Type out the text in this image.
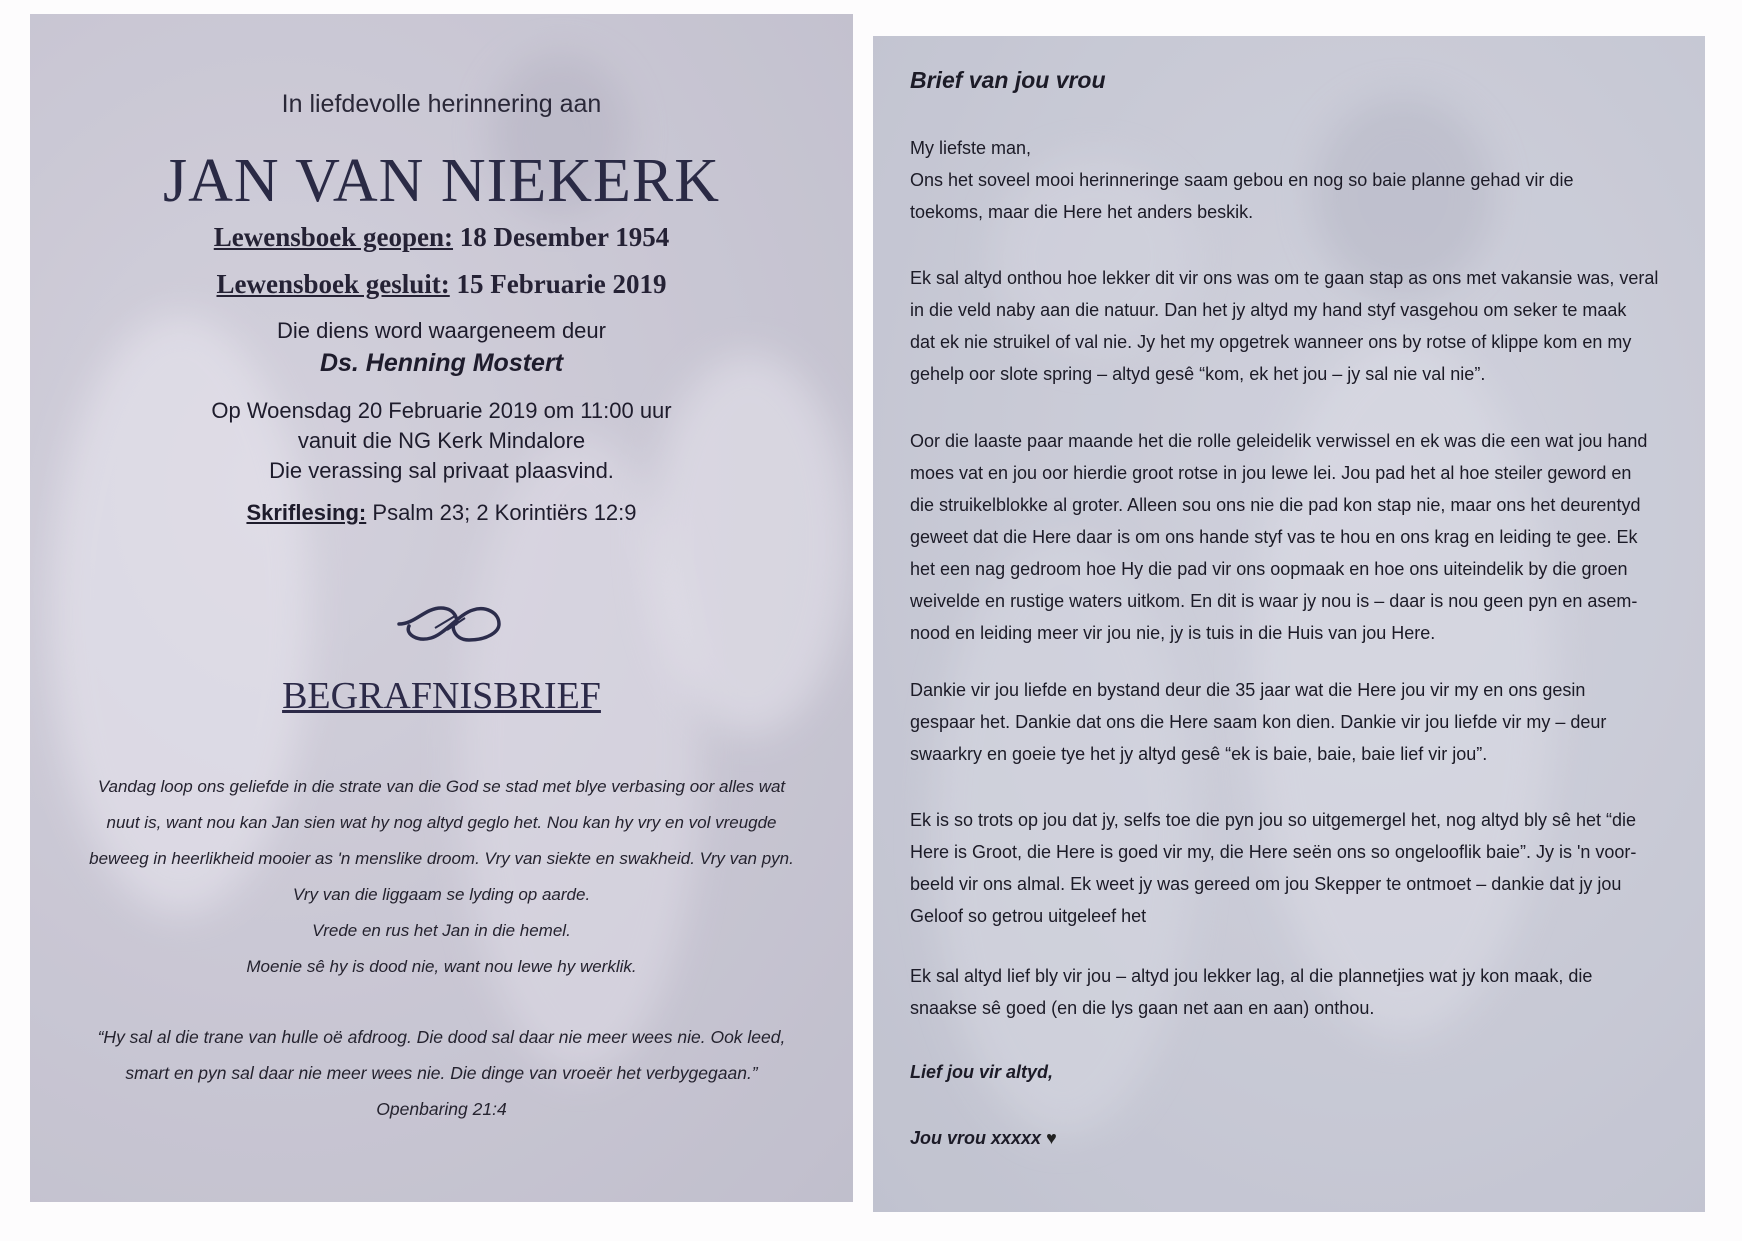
In liefdevolle herinnering aan
JAN VAN NIEKERK
Lewensboek geopen: 18 Desember 1954
Lewensboek gesluit: 15 Februarie 2019
Die diens word waargeneem deur
Ds. Henning Mostert
Op Woensdag 20 Februarie 2019 om 11:00 uur
vanuit die NG Kerk Mindalore
Die verassing sal privaat plaasvind.
Skriflesing: Psalm 23; 2 Korintiërs 12:9
BEGRAFNISBRIEF
Vandag loop ons geliefde in die strate van die God se stad met blye verbasing oor alles wat
nuut is, want nou kan Jan sien wat hy nog altyd geglo het. Nou kan hy vry en vol vreugde
beweeg in heerlikheid mooier as 'n menslike droom. Vry van siekte en swakheid. Vry van pyn.
Vry van die liggaam se lyding op aarde.
Vrede en rus het Jan in die hemel.
Moenie sê hy is dood nie, want nou lewe hy werklik.
“Hy sal al die trane van hulle oë afdroog. Die dood sal daar nie meer wees nie. Ook leed,
smart en pyn sal daar nie meer wees nie. Die dinge van vroeër het verbygegaan.”
Openbaring 21:4
Brief van jou vrou
My liefste man,

Ons het soveel mooi herinneringe saam gebou en nog so baie planne gehad vir die

toekoms, maar die Here het anders beskik.

Ek sal altyd onthou hoe lekker dit vir ons was om te gaan stap as ons met vakansie was, veral

in die veld naby aan die natuur. Dan het jy altyd my hand styf vasgehou om seker te maak

dat ek nie struikel of val nie. Jy het my opgetrek wanneer ons by rotse of klippe kom en my

gehelp oor slote spring – altyd gesê “kom, ek het jou – jy sal nie val nie”.

Oor die laaste paar maande het die rolle geleidelik verwissel en ek was die een wat jou hand

moes vat en jou oor hierdie groot rotse in jou lewe lei. Jou pad het al hoe steiler geword en

die struikelblokke al groter. Alleen sou ons nie die pad kon stap nie, maar ons het deurentyd

geweet dat die Here daar is om ons hande styf vas te hou en ons krag en leiding te gee. Ek

het een nag gedroom hoe Hy die pad vir ons oopmaak en hoe ons uiteindelik by die groen

weivelde en rustige waters uitkom. En dit is waar jy nou is – daar is nou geen pyn en asem-

nood en leiding meer vir jou nie, jy is tuis in die Huis van jou Here.

Dankie vir jou liefde en bystand deur die 35 jaar wat die Here jou vir my en ons gesin

gespaar het. Dankie dat ons die Here saam kon dien. Dankie vir jou liefde vir my – deur

swaarkry en goeie tye het jy altyd gesê “ek is baie, baie, baie lief vir jou”.

Ek is so trots op jou dat jy, selfs toe die pyn jou so uitgemergel het, nog altyd bly sê het “die

Here is Groot, die Here is goed vir my, die Here seën ons so ongelooflik baie”. Jy is 'n voor-

beeld vir ons almal. Ek weet jy was gereed om jou Skepper te ontmoet – dankie dat jy jou

Geloof so getrou uitgeleef het

Ek sal altyd lief bly vir jou – altyd jou lekker lag, al die plannetjies wat jy kon maak, die

snaakse sê goed (en die lys gaan net aan en aan) onthou.

Lief jou vir altyd,
Jou vrou xxxxx ♥
